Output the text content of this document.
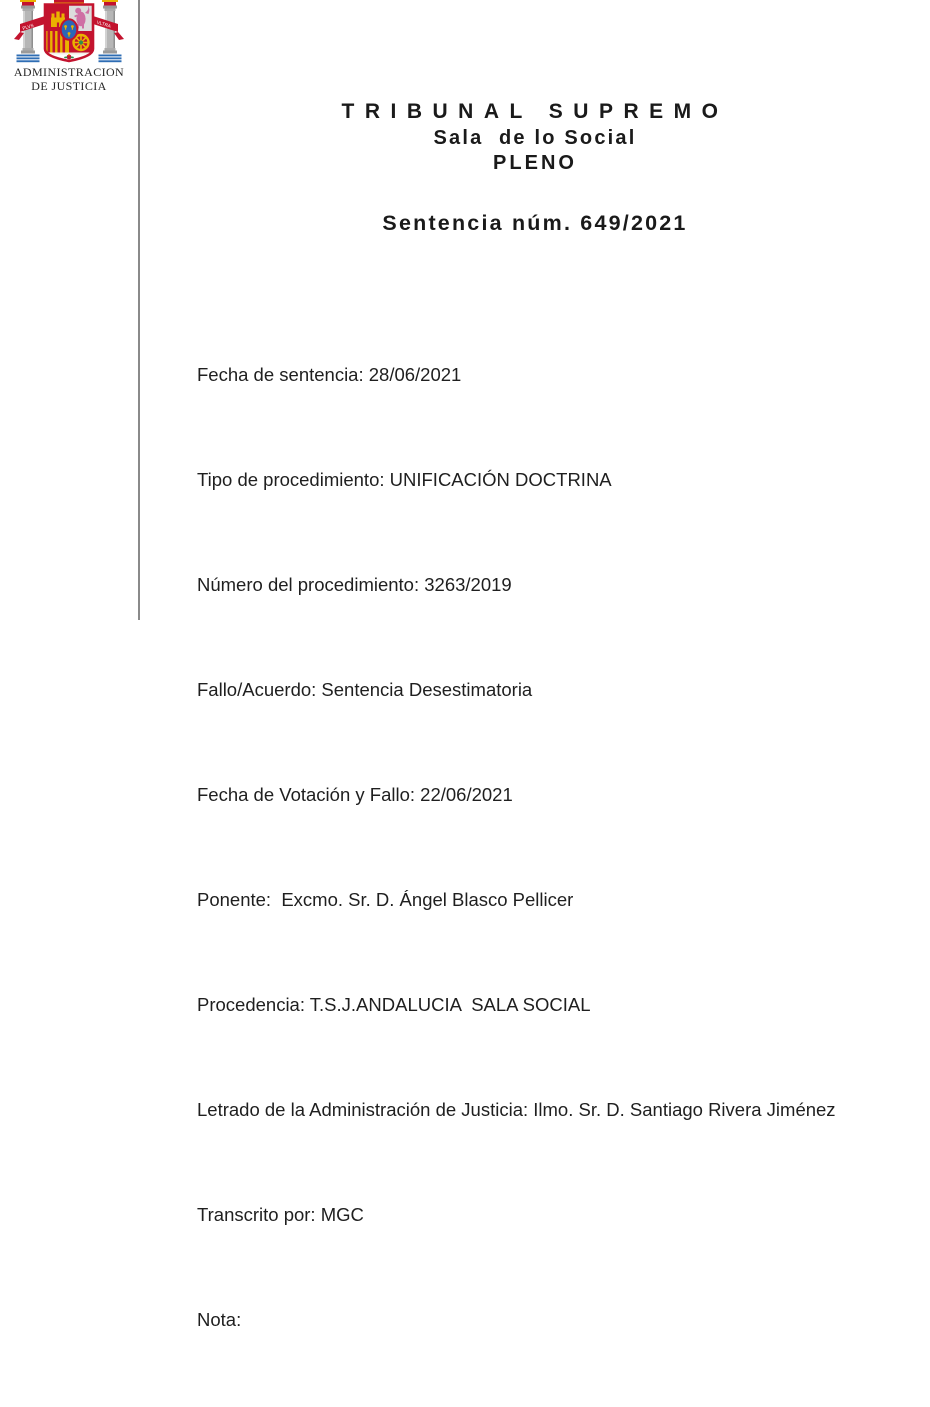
PLVS	VLTRA
ADMINISTRACION
DE JUSTICIA
TRIBUNAL SUPREMO
Sala  de lo Social
PLENO
Sentencia núm. 649/2021

Fecha de sentencia: 28/06/2021

Tipo de procedimiento: UNIFICACIÓN DOCTRINA

Número del procedimiento: 3263/2019

Fallo/Acuerdo: Sentencia Desestimatoria

Fecha de Votación y Fallo: 22/06/2021

Ponente:  Excmo. Sr. D. Ángel Blasco Pellicer

Procedencia: T.S.J.ANDALUCIA  SALA SOCIAL

Letrado de la Administración de Justicia: Ilmo. Sr. D. Santiago Rivera Jiménez

Transcrito por: MGC

Nota:
